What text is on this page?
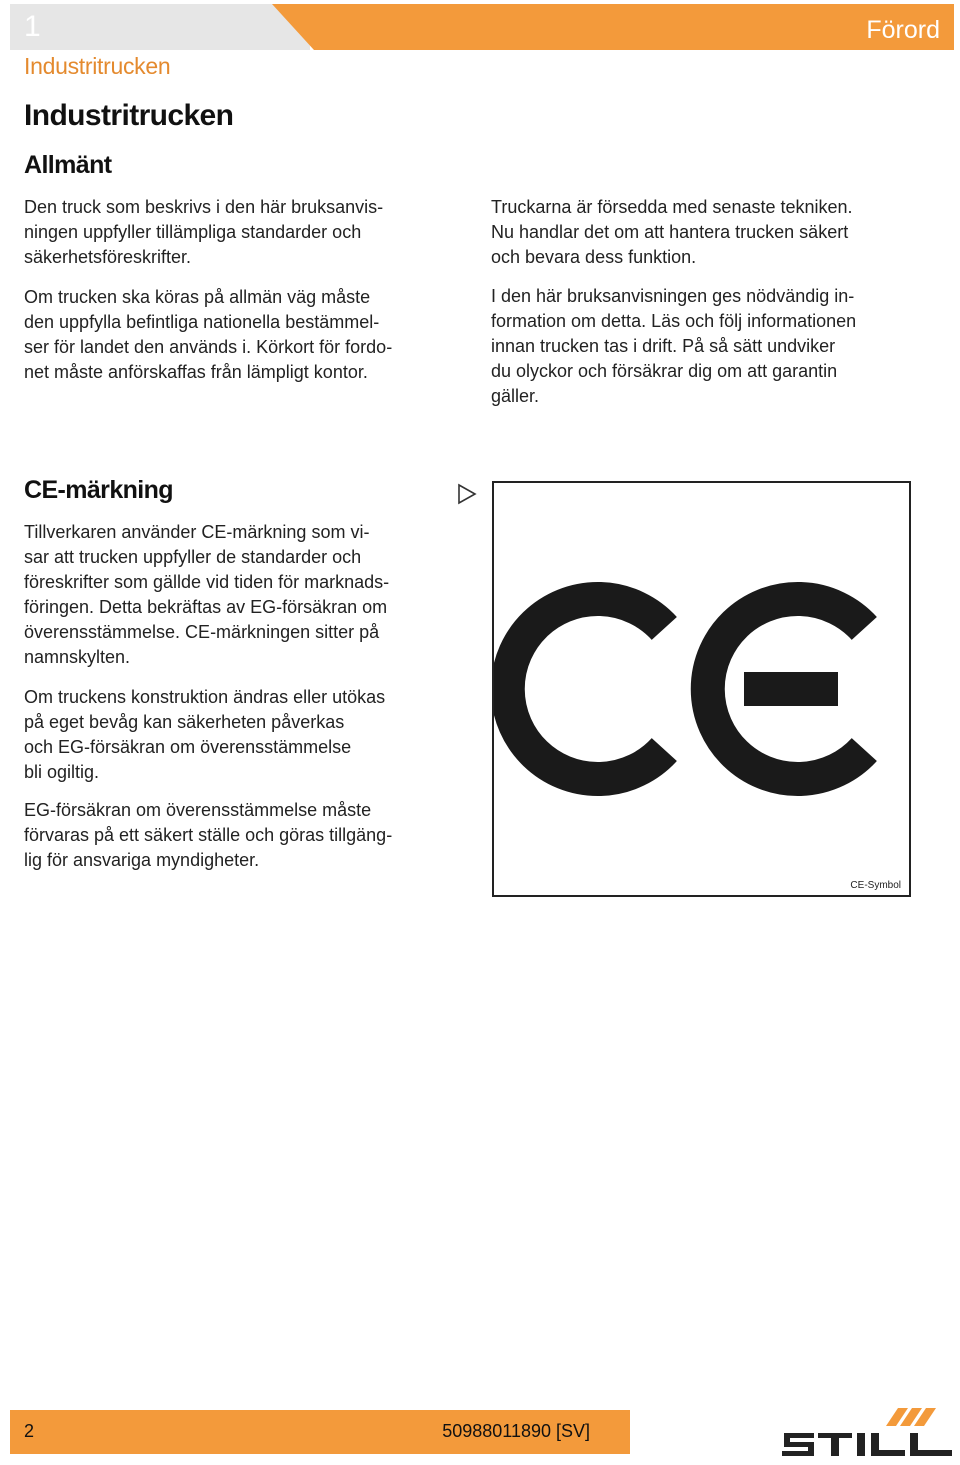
1	Förord
Industritrucken
Industritrucken
Allmänt
Den truck som beskrivs i den här bruksanvis-
ningen uppfyller tillämpliga standarder och
säkerhetsföreskrifter.
Om trucken ska köras på allmän väg måste
den uppfylla befintliga nationella bestämmel-
ser för landet den används i. Körkort för fordo-
net måste anförskaffas från lämpligt kontor.
Truckarna är försedda med senaste tekniken.
Nu handlar det om att hantera trucken säkert
och bevara dess funktion.
I den här bruksanvisningen ges nödvändig in-
formation om detta. Läs och följ informationen
innan trucken tas i drift. På så sätt undviker
du olyckor och försäkrar dig om att garantin
gäller.
CE-märkning
Tillverkaren använder CE-märkning som vi-
sar att trucken uppfyller de standarder och
föreskrifter som gällde vid tiden för marknads-
föringen. Detta bekräftas av EG-försäkran om
överensstämmelse. CE-märkningen sitter på
namnskylten.
Om truckens konstruktion ändras eller utökas
på eget bevåg kan säkerheten påverkas
och EG-försäkran om överensstämmelse
bli ogiltig.
EG-försäkran om överensstämmelse måste
förvaras på ett säkert ställe och göras tillgäng-
lig för ansvariga myndigheter.
CE-Symbol
2	50988011890 [SV]
